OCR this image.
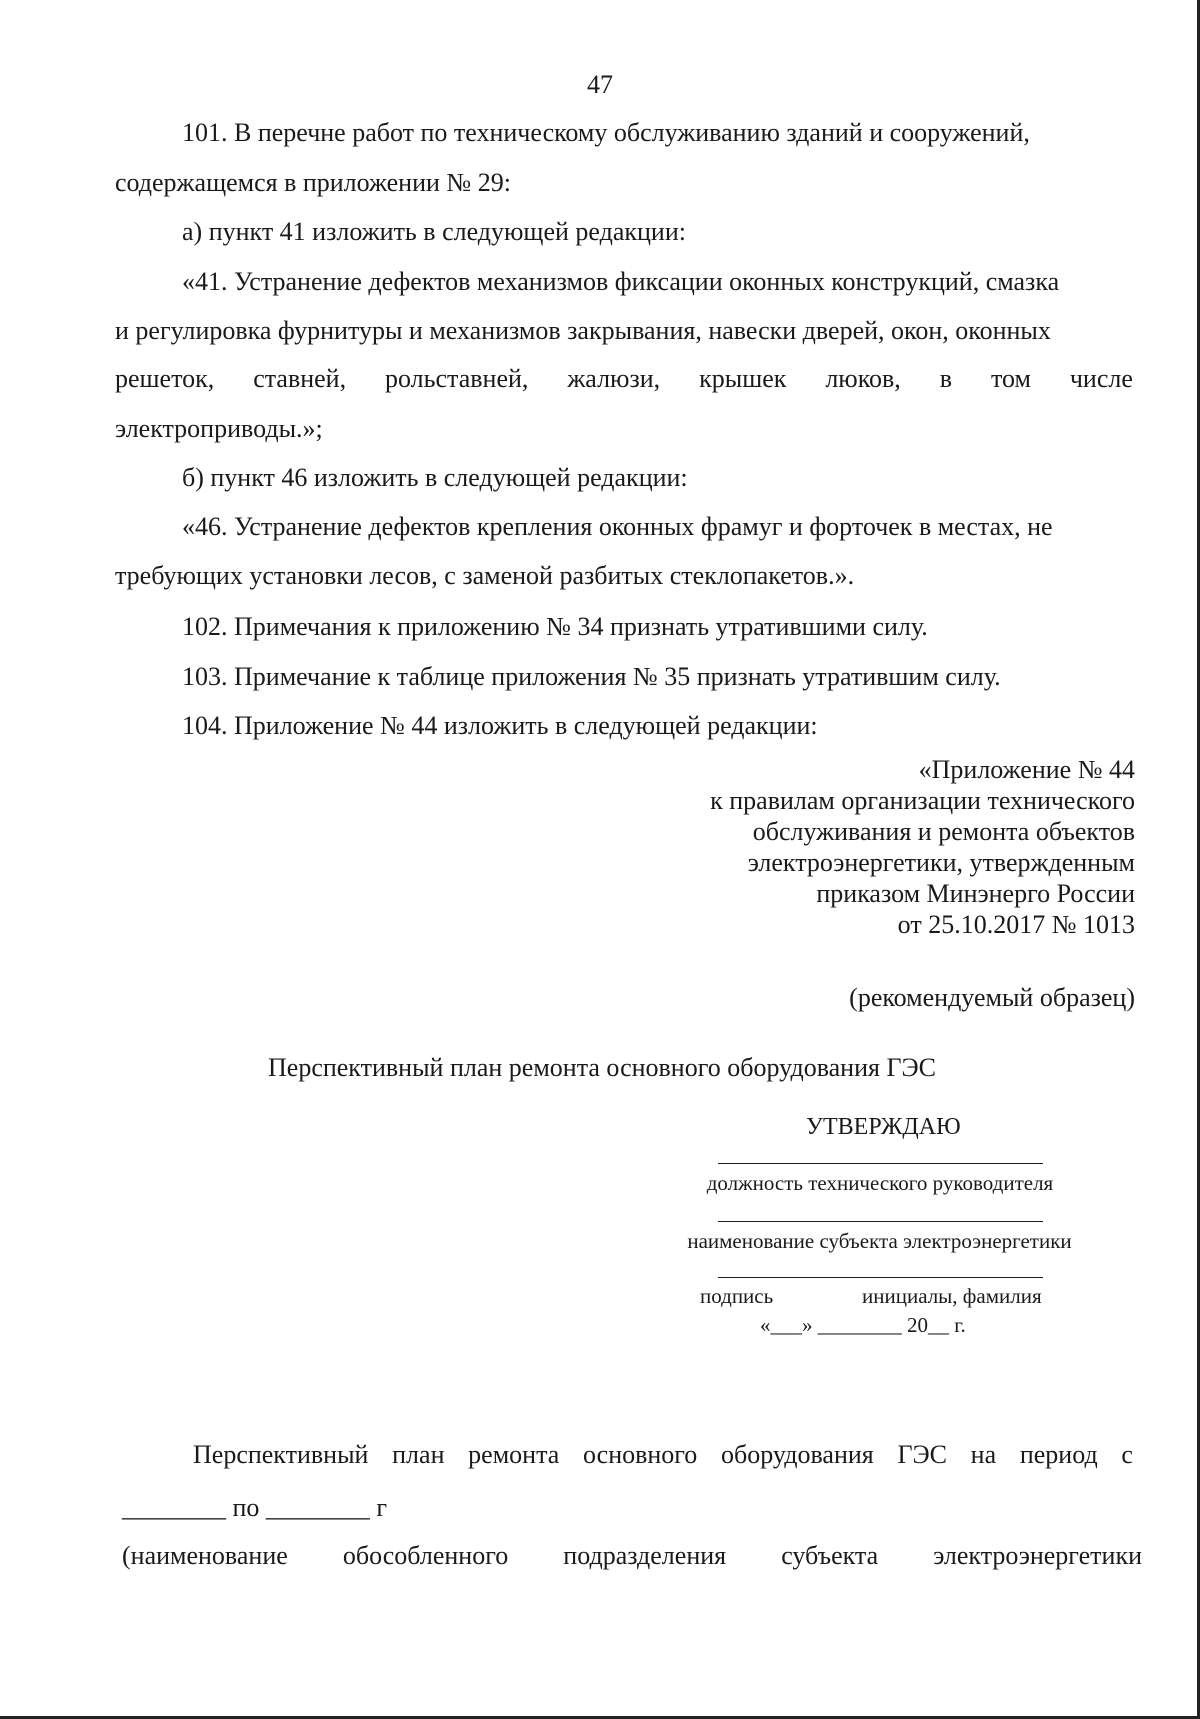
47
101. В перечне работ по техническому обслуживанию зданий и сооружений,
содержащемся в приложении № 29:
а) пункт 41 изложить в следующей редакции:
«41. Устранение дефектов механизмов фиксации оконных конструкций, смазка
и регулировка фурнитуры и механизмов закрывания, навески дверей, окон, оконных
решеток, ставней, рольставней, жалюзи, крышек люков, в том числе
электроприводы.»;
б) пункт 46 изложить в следующей редакции:
«46. Устранение дефектов крепления оконных фрамуг и форточек в местах, не
требующих установки лесов, с заменой разбитых стеклопакетов.».
102. Примечания к приложению № 34 признать утратившими силу.
103. Примечание к таблице приложения № 35 признать утратившим силу.
104. Приложение № 44 изложить в следующей редакции:
«Приложение № 44
к правилам организации технического
обслуживания и ремонта объектов
электроэнергетики, утвержденным
приказом Минэнерго России
от 25.10.2017 № 1013
(рекомендуемый образец)
Перспективный план ремонта основного оборудования ГЭС
УТВЕРЖДАЮ
должность технического руководителя
наименование субъекта электроэнергетики
подпись	инициалы, фамилия
«___» ________ 20__ г.
Перспективный план ремонта основного оборудования ГЭС на период с
________ по ________ г
(наименование обособленного подразделения субъекта электроэнергетики
